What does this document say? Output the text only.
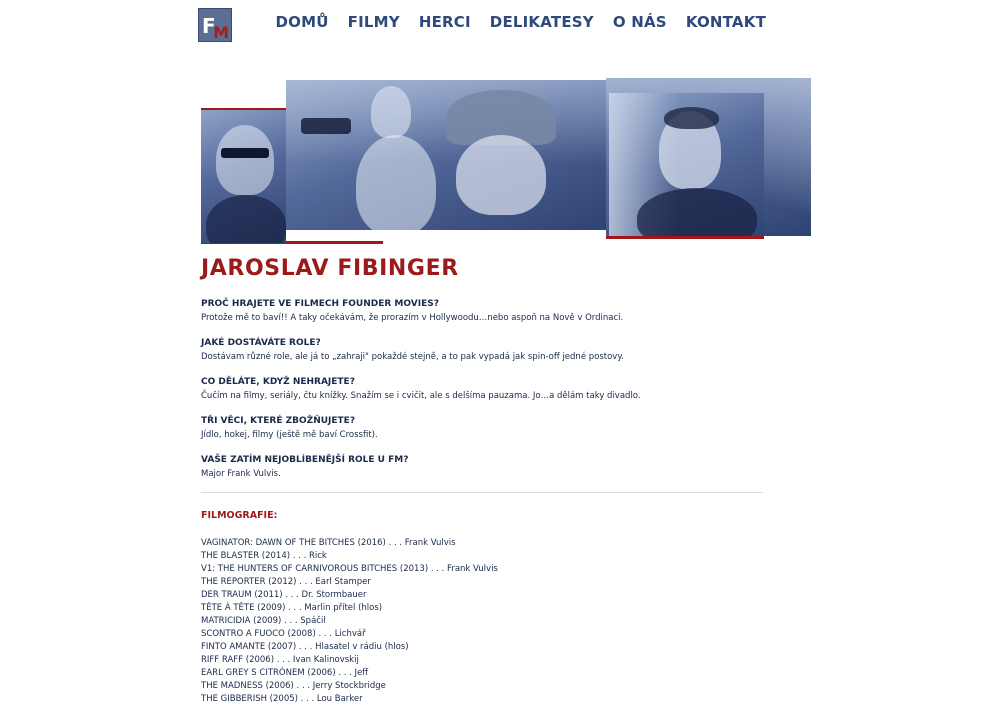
F
M
DOMŮ FILMY HERCI DELIKATESY O NÁS KONTAKT
JAROSLAV FIBINGER

PROČ HRAJETE VE FILMECH FOUNDER MOVIES?

Protože mě to baví!! A taky očekávám, že prorazím v Hollywoodu…nebo aspoň na Nově v Ordinaci.

JAKÉ DOSTÁVÁTE ROLE?

Dostávam různé role, ale já to „zahraji" pokaždé stejně, a to pak vypadá jak spin-off jedné postovy.

CO DĚLÁTE, KDYŽ NEHRAJETE?

Čučím na filmy, seriály, čtu knížky. Snažím se i cvičit, ale s delšíma pauzama. Jo…a dělám taky divadlo.

TŘI VĚCI, KTERÉ ZBOŽŇUJETE?

Jídlo, hokej, filmy (ještě mě baví Crossfit).

VAŠE ZATÍM NEJOBLÍBENĚJŠÍ ROLE U FM?

Major Frank Vulvis.

FILMOGRAFIE:
VAGINATOR: DAWN OF THE BITCHES (2016) . . . Frank Vulvis
THE BLASTER (2014) . . . Rick
V1: THE HUNTERS OF CARNIVOROUS BITCHES (2013) . . . Frank Vulvis
THE REPORTER (2012) . . . Earl Stamper
DER TRAUM (2011) . . . Dr. Stormbauer
TÊTE À TÊTE (2009) . . . Marlin přítel (hlos)
MATRICIDIA (2009) . . . Spáčil
SCONTRO A FUOCO (2008) . . . Lichvář
FINTO AMANTE (2007) . . . Hlasatel v rádiu (hlos)
RIFF RAFF (2006) . . . Ivan Kalinovskij
EARL GREY S CITRÓNEM (2006) . . . Jeff
THE MADNESS (2006) . . . Jerry Stockbridge
THE GIBBERISH (2005) . . . Lou Barker
